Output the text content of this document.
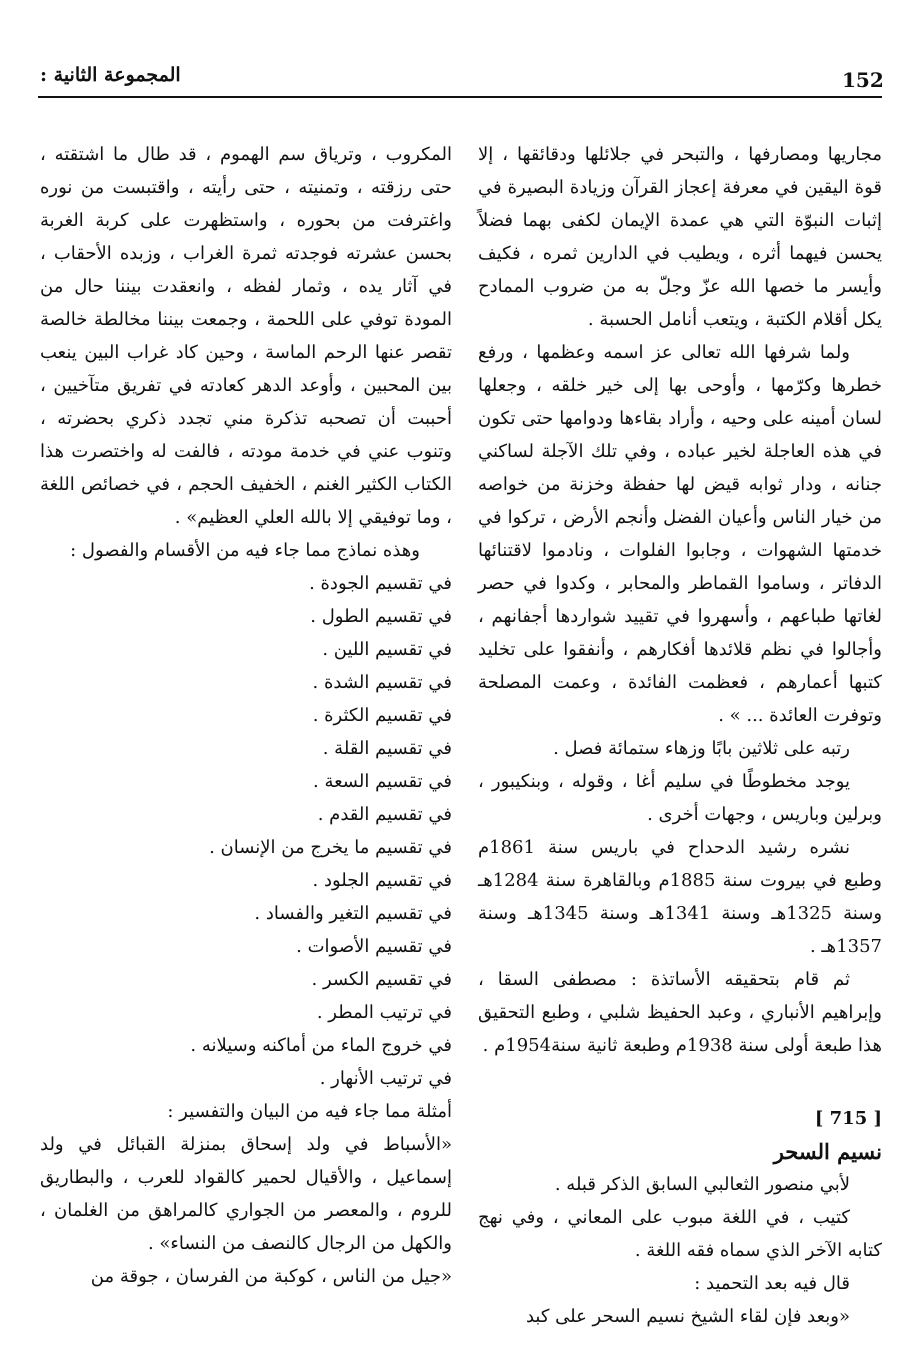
152
المجموعة الثانية :

مجاريها ومصارفها ، والتبحر في جلائلها ودقائقها ، إلا قوة اليقين في معرفة إعجاز القرآن وزيادة البصيرة في إثبات النبوّة التي هي عمدة الإيمان لكفى بهما فضلاً يحسن فيهما أثره ، ويطيب في الدارين ثمره ، فكيف وأيسر ما خصها الله عزّ وجلّ به من ضروب الممادح يكل أقلام الكتبة ، ويتعب أنامل الحسبة .

ولما شرفها الله تعالى عز اسمه وعظمها ، ورفع خطرها وكرّمها ، وأوحى بها إلى خير خلقه ، وجعلها لسان أمينه على وحيه ، وأراد بقاءها ودوامها حتى تكون في هذه العاجلة لخير عباده ، وفي تلك الآجلة لساكني جنانه ، ودار ثوابه قيض لها حفظة وخزنة من خواصه من خيار الناس وأعيان الفضل وأنجم الأرض ، تركوا في خدمتها الشهوات ، وجابوا الفلوات ، ونادموا لاقتنائها الدفاتر ، وساموا القماطر والمحابر ، وكدوا في حصر لغاتها طباعهم ، وأسهروا في تقييد شواردها أجفانهم ، وأجالوا في نظم قلائدها أفكارهم ، وأنفقوا على تخليد كتبها أعمارهم ، فعظمت الفائدة ، وعمت المصلحة وتوفرت العائدة ... » .

رتبه على ثلاثين بابًا وزهاء ستمائة فصل .

يوجد مخطوطًا في سليم أغا ، وقوله ، وبنكيبور ، وبرلين وباريس ، وجهات أخرى .

نشره رشيد الدحداح في باريس سنة 1861م وطبع في بيروت سنة 1885م وبالقاهرة سنة 1284هـ وسنة 1325هـ وسنة 1341هـ وسنة 1345هـ وسنة 1357هـ .

ثم قام بتحقيقه الأساتذة : مصطفى السقا ، وإبراهيم الأنباري ، وعبد الحفيظ شلبي ، وطبع التحقيق هذا طبعة أولى سنة 1938م وطبعة ثانية سنة1954م .

[ 715 ]

نسيم السحر

لأبي منصور الثعالبي السابق الذكر قبله .

كتيب ، في اللغة مبوب على المعاني ، وفي نهج كتابه الآخر الذي سماه فقه اللغة .

قال فيه بعد التحميد :

«وبعد فإن لقاء الشيخ نسيم السحر على كبد

المكروب ، وترياق سم الهموم ، قد طال ما اشتقته ، حتى رزقته ، وتمنيته ، حتى رأيته ، واقتبست من نوره واغترفت من بحوره ، واستظهرت على كربة الغربة بحسن عشرته فوجدته ثمرة الغراب ، وزبده الأحقاب ، في آثار يده ، وثمار لفظه ، وانعقدت بيننا حال من المودة توفي على اللحمة ، وجمعت بيننا مخالطة خالصة تقصر عنها الرحم الماسة ، وحين كاد غراب البين ينعب بين المحبين ، وأوعد الدهر كعادته في تفريق متآخيين ، أحببت أن تصحبه تذكرة مني تجدد ذكري بحضرته ، وتنوب عني في خدمة مودته ، فالفت له واختصرت هذا الكتاب الكثير الغنم ، الخفيف الحجم ، في خصائص اللغة ، وما توفيقي إلا بالله العلي العظيم» .

وهذه نماذج مما جاء فيه من الأقسام والفصول :

في تقسيم الجودة .

في تقسيم الطول .

في تقسيم اللين .

في تقسيم الشدة .

في تقسيم الكثرة .

في تقسيم القلة .

في تقسيم السعة .

في تقسيم القدم .

في تقسيم ما يخرج من الإنسان .

في تقسيم الجلود .

في تقسيم التغير والفساد .

في تقسيم الأصوات .

في تقسيم الكسر .

في ترتيب المطر .

في خروج الماء من أماكنه وسيلانه .

في ترتيب الأنهار .

أمثلة مما جاء فيه من البيان والتفسير :

«الأسباط في ولد إسحاق بمنزلة القبائل في ولد إسماعيل ، والأقيال لحمير كالقواد للعرب ، والبطاريق للروم ، والمعصر من الجواري كالمراهق من الغلمان ، والكهل من الرجال كالنصف من النساء» .

«جيل من الناس ، كوكبة من الفرسان ، جوقة من
